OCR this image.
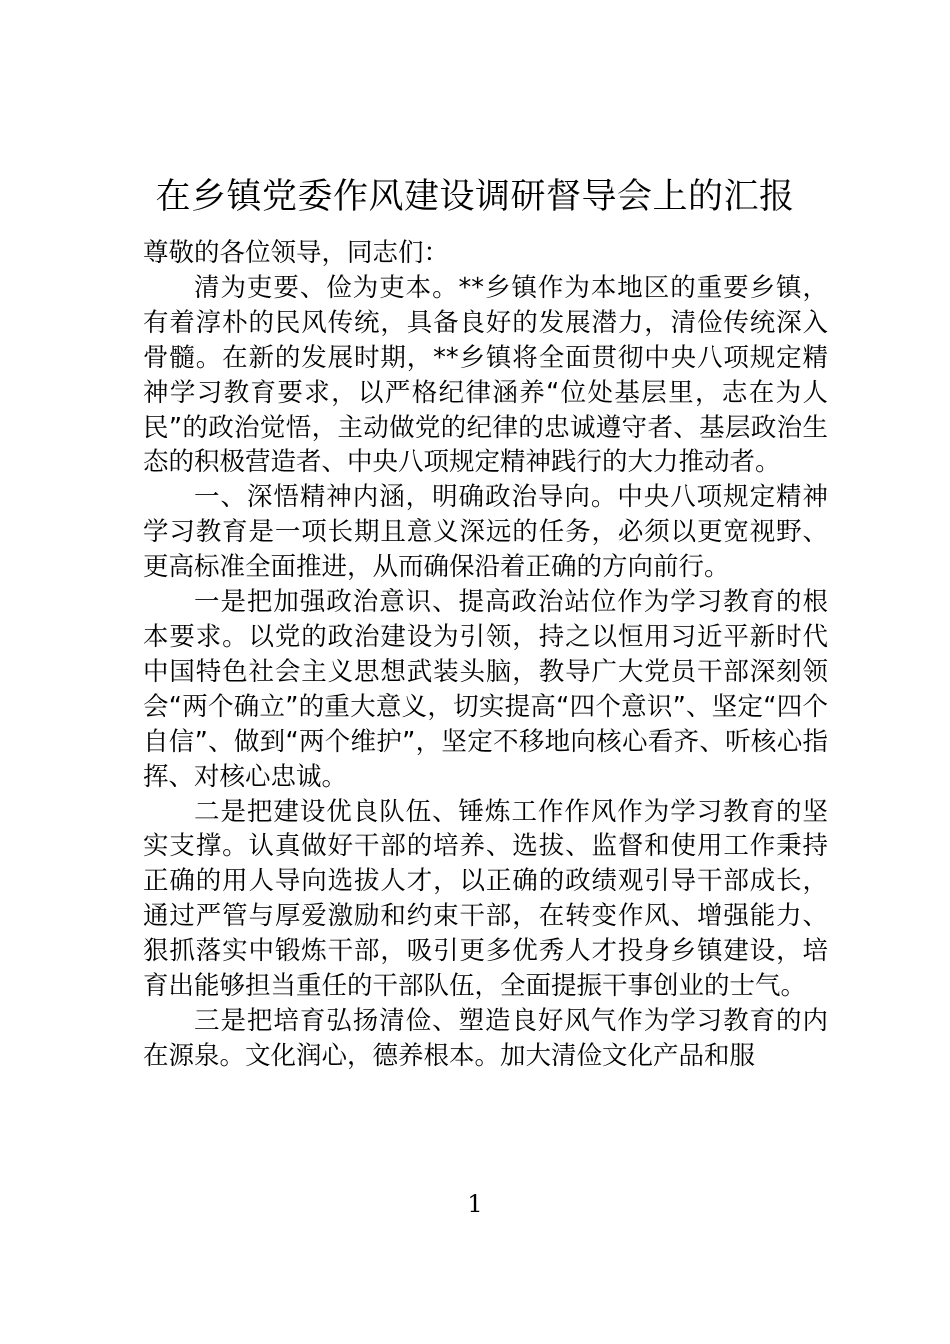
在乡镇党委作风建设调研督导会上的汇报

尊敬的各位领导，同志们：

清为吏要、俭为吏本。**乡镇作为本地区的重要乡镇，有着淳朴的民风传统，具备良好的发展潜力，清俭传统深入骨髓。在新的发展时期，**乡镇将全面贯彻中央八项规定精神学习教育要求，以严格纪律涵养“位处基层里，志在为人民”的政治觉悟，主动做党的纪律的忠诚遵守者、基层政治生态的积极营造者、中央八项规定精神践行的大力推动者。

一、深悟精神内涵，明确政治导向。中央八项规定精神学习教育是一项长期且意义深远的任务，必须以更宽视野、更高标准全面推进，从而确保沿着正确的方向前行。

一是把加强政治意识、提高政治站位作为学习教育的根本要求。以党的政治建设为引领，持之以恒用习近平新时代中国特色社会主义思想武装头脑，教导广大党员干部深刻领会“两个确立”的重大意义，切实提高“四个意识”、坚定“四个自信”、做到“两个维护”，坚定不移地向核心看齐、听核心指挥、对核心忠诚。

二是把建设优良队伍、锤炼工作作风作为学习教育的坚实支撑。认真做好干部的培养、选拔、监督和使用工作秉持正确的用人导向选拔人才，以正确的政绩观引导干部成长，通过严管与厚爱激励和约束干部，在转变作风、增强能力、狠抓落实中锻炼干部，吸引更多优秀人才投身乡镇建设，培育出能够担当重任的干部队伍，全面提振干事创业的士气。

三是把培育弘扬清俭、塑造良好风气作为学习教育的内在源泉。文化润心，德养根本。加大清俭文化产品和服

1
